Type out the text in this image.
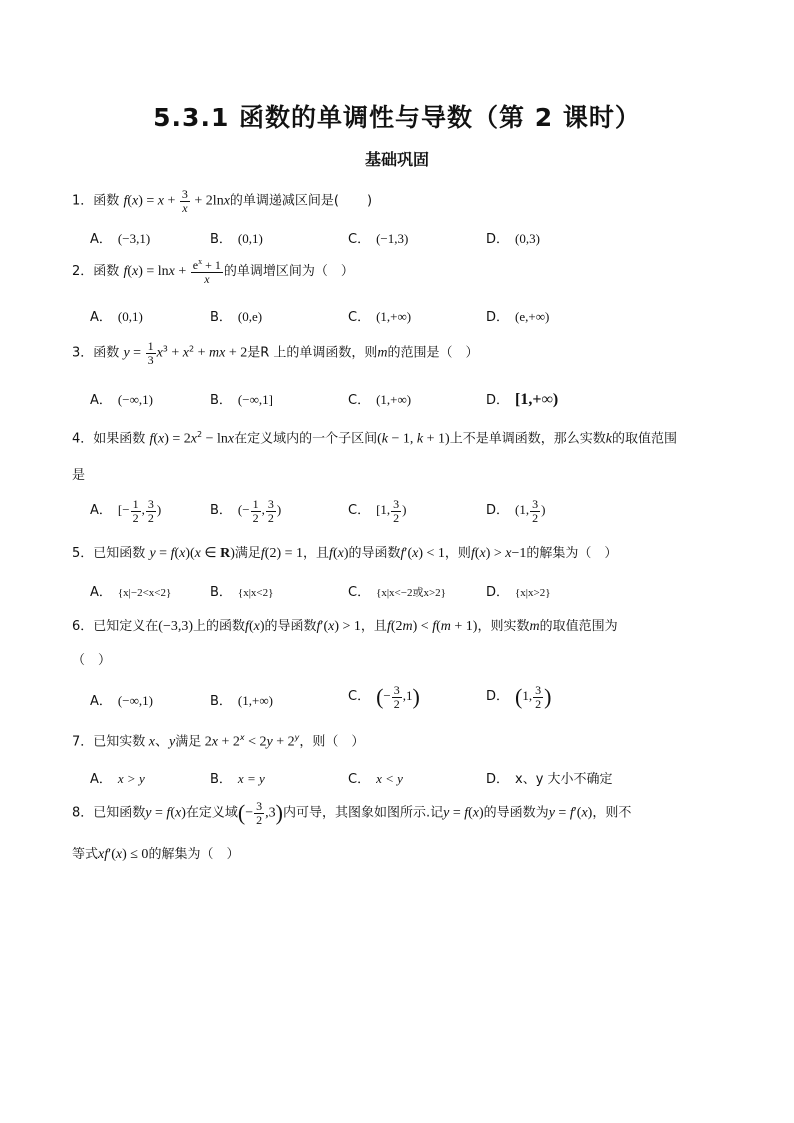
5.3.1 函数的单调性与导数（第 2 课时）
基础巩固
1．函数 $f(x) = x + \frac{3}{x} + 2\ln x$的单调递减区间是( )
A． (−3,1)	B． (0,1)	C． (−1,3)	D． (0,3)
2．函数 $f(x) = \ln x + \frac{e^x + 1}{x}$ 的单调增区间为（　）
A． (0,1)	B． (0,e)	C． (1,+∞)	D． (e,+∞)
3．函数 $y = \frac{1}{3} x^3 + x^2$ + mx + 2是R 上的单调函数，则m的范围是（　）
A． (−∞,1)	B． (−∞,1]	C． (1,+∞)	D． [1,+∞)
4．如果函数 $f(x) = 2x^2 - \ln x$在定义域内的一个子区间(k − 1, k + 1)上不是单调函数，那么实数k的取值范围
是
A． [− $\frac{1}{2}$ , $\frac{3}{2}$ )	B． (− $\frac{1}{2}$ , $\frac{3}{2}$ )	C． [1, $\frac{3}{2}$ )	D． (1, $\frac{3}{2}$ )
5．已知函数 y = f(x)(x ∈ R)满足f(2) = 1，且f(x)的导函数f′(x) < 1，则f(x) > x−1的解集为（　）
A． {x|−2<x<2}	B． {x|x<2}	C． {x|x<−2或x>2}	D． {x|x>2}
6．已知定义在(−3,3)上的函数f(x)的导函数f′(x) > 1，且f(2m) < f(m + 1)，则实数m的取值范围为
（　）
A． (−∞,1)	B． (1,+∞)	C． (− $\frac{3}{2} ,1$)	D． (1, $\frac{3}{2}$ )
7．已知实数 x、y满足 $2x + 2^x < 2y + 2^y$，则（　）
A． x > y	B． x = y	C． x < y	D． x、y 大小不确定
8．已知函数y = f(x)在定义域(− $\frac{3}{2} ,3$)内可导，其图象如图所示.记y = f(x)的导函数为y = f′(x)，则不
等式xf′(x) ≤ 0的解集为（　）
